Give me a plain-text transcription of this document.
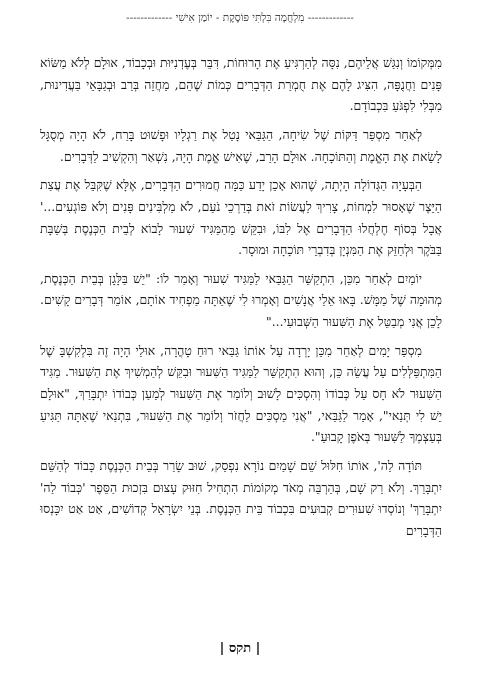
------------- מִלְחֲמָה בִּלְתִּי פּוֹסֶקֶת - יוֹמַן אִישִׁי -------------

מִמְּקוֹמוֹ וְנִגַּשׁ אֲלֵיהֶם, נִסָּה לְהַרְגִּיעַ אֶת הָרוּחוֹת, דִּבֵּר בְּעֶדְנִיּוּת וּבְכָבוֹד, אוּלָם לְלֹא מַשּׂוֹא פָּנִים וַחֲנֻפָּה, הִצִּיג לָהֶם אֶת חֻמְרַת הַדְּבָרִים כְּמוֹת שֶׁהֵם, מַחֲזֵה בְּרַב וּבְגַבָּאֵי בַּעֲדִינוּת, מִבְּלִי לִפְגֹּעַ בִּכְבוֹדָם.

לְאַחַר מִסְפַּר דַּקּוֹת שֶׁל שִׂיחָה, הַגַּבַּאי נָטַל אֶת רַגְלָיו וּפָשׁוּט בָּרַח, לֹא הָיָה מְסֻגָּל לָשֵׂאת אֶת הָאֱמֶת וְהַתּוֹכָחָה. אוּלָם הָרַב, שֶׁאִישׁ אֱמֶת הָיָה, נִשְׁאַר וְהִקְשִׁיב לַדְּבָרִים.

הַבְּעָיָה הַגְּדוֹלָה הָיְתָה, שֶׁהוּא אָכֵן יָדַע כַּמָּה חֲמוּרִים הַדְּבָרִים, אֶלָּא שֶׁקִּבֵּל אֶת עֲצַת הַיֵּצֶר שֶׁאָסוּר לִמְחוֹת, צָרִיךְ לַעֲשׂוֹת זֹאת בְּדַרְכֵי נֹעַם, לֹא מַלְבִּינִים פָּנִים וְלֹא פּוֹגְעִים...' אֲבָל בְּסוֹף חֶלְחֲלוּ הַדְּבָרִים אֶל לִבּוֹ, וּבִקֵּשׁ מֵהַמַּגִּיד שִׁעוּר לָבוֹא לְבֵית הַכְּנֶסֶת בְּשַׁבָּת בַּבֹּקֶר וּלְחַזֵּק אֶת הַמִּנְיָן בְּדִבְרֵי תּוֹכָחָה וּמוּסָר.

יוֹמַיִם לְאַחַר מִכֵּן, הִתְקַשֵּׁר הַגַּבַּאי לַמַּגִּיד שִׁעוּר וְאָמַר לוֹ: "יֵשׁ בַּלָּגָן בְּבֵית הַכְּנֶסֶת, מְהוּמָה שֶׁל מַמָּשׁ. בָּאוּ אֵלַי אֲנָשִׁים וְאָמְרוּ לִי שֶׁאַתָּה מַפְחִיד אוֹתָם, אוֹמֵר דְּבָרִים קָשִׁים. לָכֵן אֲנִי מְבַטֵּל אֶת הַשִּׁעוּר הַשְּׁבוּעִי..."

מִסְפַּר יָמִים לְאַחַר מִכֵּן יָרְדָה עַל אוֹתוֹ גַּבַּאי רוּחַ טָהֳרָה, אוּלַי הָיָה זֶה בִּלְקִשְׁבָּ שֶׁל הַמִּתְפַּלְּלִים עַל עֲשֵׂה כֵּן, וְהוּא הִתְקַשֵּׁר לַמַּגִּיד הַשִּׁעוּר וּבִקֵּשׁ לְהַמְשִׁיךְ אֶת הַשִּׁעוּר. מַגִּיד הַשִּׁעוּר לֹא חָס עַל כְּבוֹדוֹ וְהִסְכִּים לָשׁוּב וְלוֹמַר אֶת הַשִּׁעוּר לְמַעַן כְּבוֹדוֹ יִתְבָּרַךְ, "אוּלָם יֵשׁ לִי תְּנַאי", אָמַר לַגַּבַּאי, "אֲנִי מַסְכִּים לַחֲזֹר וְלוֹמַר אֶת הַשִּׁעוּר, בִּתְנַאי שֶׁאַתָּה תַּגִּיעַ בְּעַצְמְךָ לַשִּׁעוּר בְּאֹפֶן קָבוּעַ".

תּוֹדָה לַה', אוֹתוֹ חִלּוּל שֵׁם שָׁמַיִם נוֹרָא נִפְסַק, שׁוּב שָׂרַר בְּבֵית הַכְּנֶסֶת כָּבוֹד לְהַשֵּׁם יִתְבָּרַךְ. וְלֹא רַק שָׁם, בְּהַרְבֵּה מְאֹד מְקוֹמוֹת הִתְחִיל חִזּוּק עָצוּם בִּזְכוּת הַסֵּפֶר 'כְּבוֹד לַה' יִתְבָּרַךְ' וְנוֹסְדוּ שִׁעוּרִים קְבוּעִים בִּכְבוֹד בֵּית הַכְּנֶסֶת. בְּנֵי יִשְׂרָאֵל קְדוֹשִׁים, אַט אַט יִכָּנְסוּ הַדְּבָרִים

| תקס |
